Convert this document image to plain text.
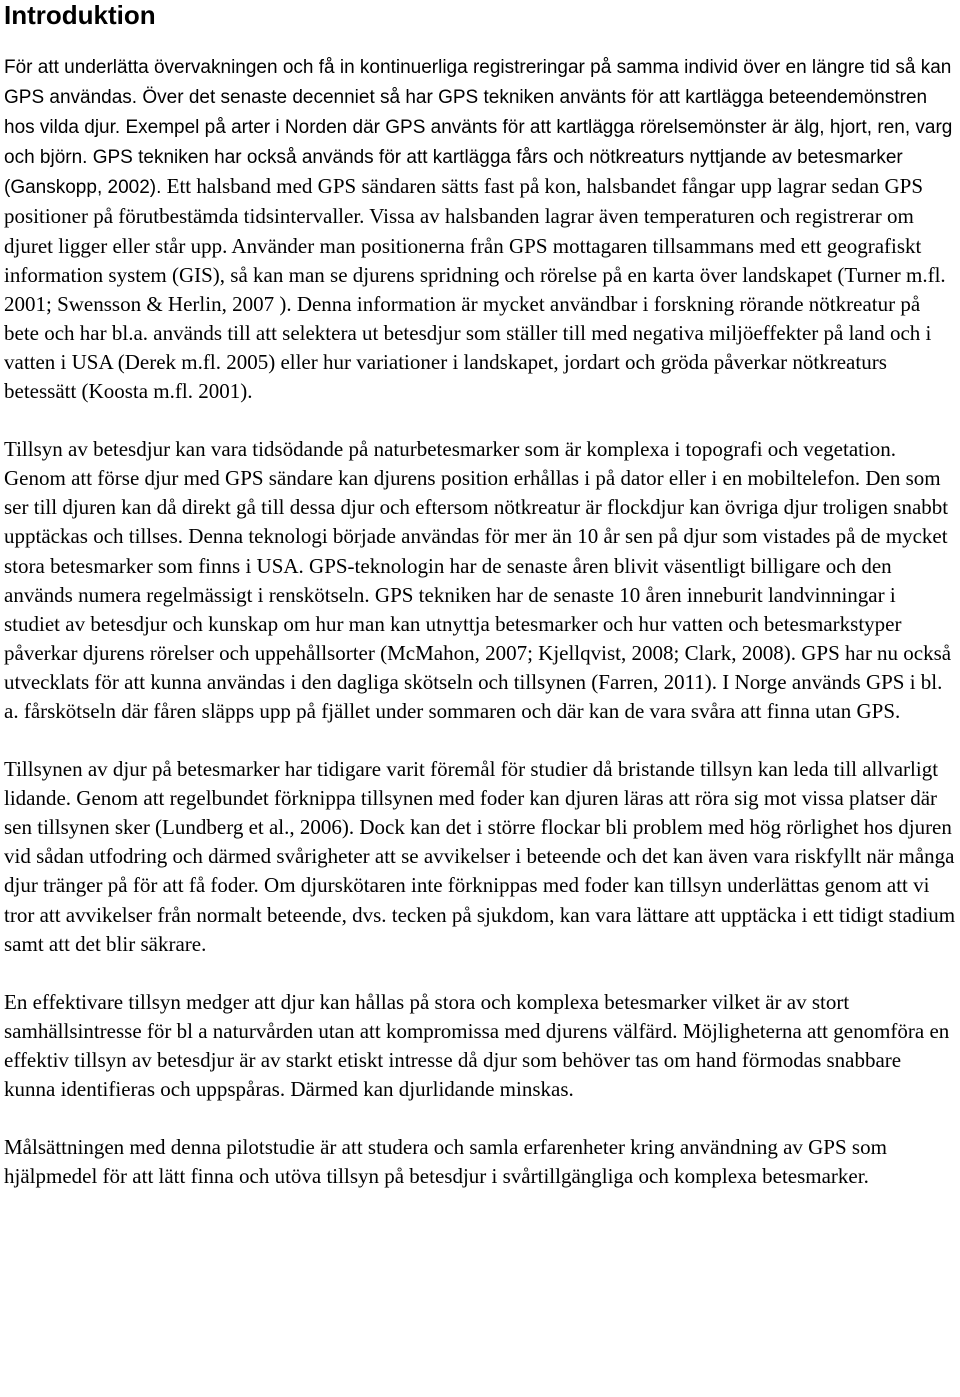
Introduktion

För att underlätta övervakningen och få in kontinuerliga registreringar på samma individ över en längre tid så kan GPS användas. Över det senaste decenniet så har GPS tekniken använts för att kartlägga beteendemönstren hos vilda djur. Exempel på arter i Norden där GPS använts för att kartlägga rörelsemönster är älg, hjort, ren, varg och björn. GPS tekniken har också används för att kartlägga fårs och nötkreaturs nyttjande av betesmarker (Ganskopp, 2002). Ett halsband med GPS sändaren sätts fast på kon, halsbandet fångar upp lagrar sedan GPS positioner på förutbestämda tidsintervaller. Vissa av halsbanden lagrar även temperaturen och registrerar om djuret ligger eller står upp. Använder man positionerna från GPS mottagaren tillsammans med ett geografiskt information system (GIS), så kan man se djurens spridning och rörelse på en karta över landskapet (Turner m.fl. 2001; Swensson & Herlin, 2007 ). Denna information är mycket användbar i forskning rörande nötkreatur på bete och har bl.a. används till att selektera ut betesdjur som ställer till med negativa miljöeffekter på land och i vatten i USA (Derek m.fl. 2005) eller hur variationer i landskapet, jordart och gröda påverkar nötkreaturs betessätt (Koosta m.fl. 2001).

Tillsyn av betesdjur kan vara tidsödande på naturbetesmarker som är komplexa i topografi och vegetation. Genom att förse djur med GPS sändare kan djurens position erhållas i på dator eller i en mobiltelefon. Den som ser till djuren kan då direkt gå till dessa djur och eftersom nötkreatur är flockdjur kan övriga djur troligen snabbt upptäckas och tillses. Denna teknologi började användas för mer än 10 år sen på djur som vistades på de mycket stora betesmarker som finns i USA. GPS-teknologin har de senaste åren blivit väsentligt billigare och den används numera regelmässigt i renskötseln. GPS tekniken har de senaste 10 åren inneburit landvinningar i studiet av betesdjur och kunskap om hur man kan utnyttja betesmarker och hur vatten och betesmarkstyper påverkar djurens rörelser och uppehållsorter (McMahon, 2007; Kjellqvist, 2008; Clark, 2008). GPS har nu också utvecklats för att kunna användas i den dagliga skötseln och tillsynen (Farren, 2011). I Norge används GPS i bl. a. fårskötseln där fåren släpps upp på fjället under sommaren och där kan de vara svåra att finna utan GPS.

Tillsynen av djur på betesmarker har tidigare varit föremål för studier då bristande tillsyn kan leda till allvarligt lidande. Genom att regelbundet förknippa tillsynen med foder kan djuren läras att röra sig mot vissa platser där sen tillsynen sker (Lundberg et al., 2006). Dock kan det i större flockar bli problem med hög rörlighet hos djuren vid sådan utfodring och därmed svårigheter att se avvikelser i beteende och det kan även vara riskfyllt när många djur tränger på för att få foder. Om djurskötaren inte förknippas med foder kan tillsyn underlättas genom att vi tror att avvikelser från normalt beteende, dvs. tecken på sjukdom, kan vara lättare att upptäcka i ett tidigt stadium samt att det blir säkrare.

En effektivare tillsyn medger att djur kan hållas på stora och komplexa betesmarker vilket är av stort samhällsintresse för bl a naturvården utan att kompromissa med djurens välfärd. Möjligheterna att genomföra en effektiv tillsyn av betesdjur är av starkt etiskt intresse då djur som behöver tas om hand förmodas snabbare kunna identifieras och uppspåras. Därmed kan djurlidande minskas.

Målsättningen med denna pilotstudie är att studera och samla erfarenheter kring användning av GPS som hjälpmedel för att lätt finna och utöva tillsyn på betesdjur i svårtillgängliga och komplexa betesmarker.
